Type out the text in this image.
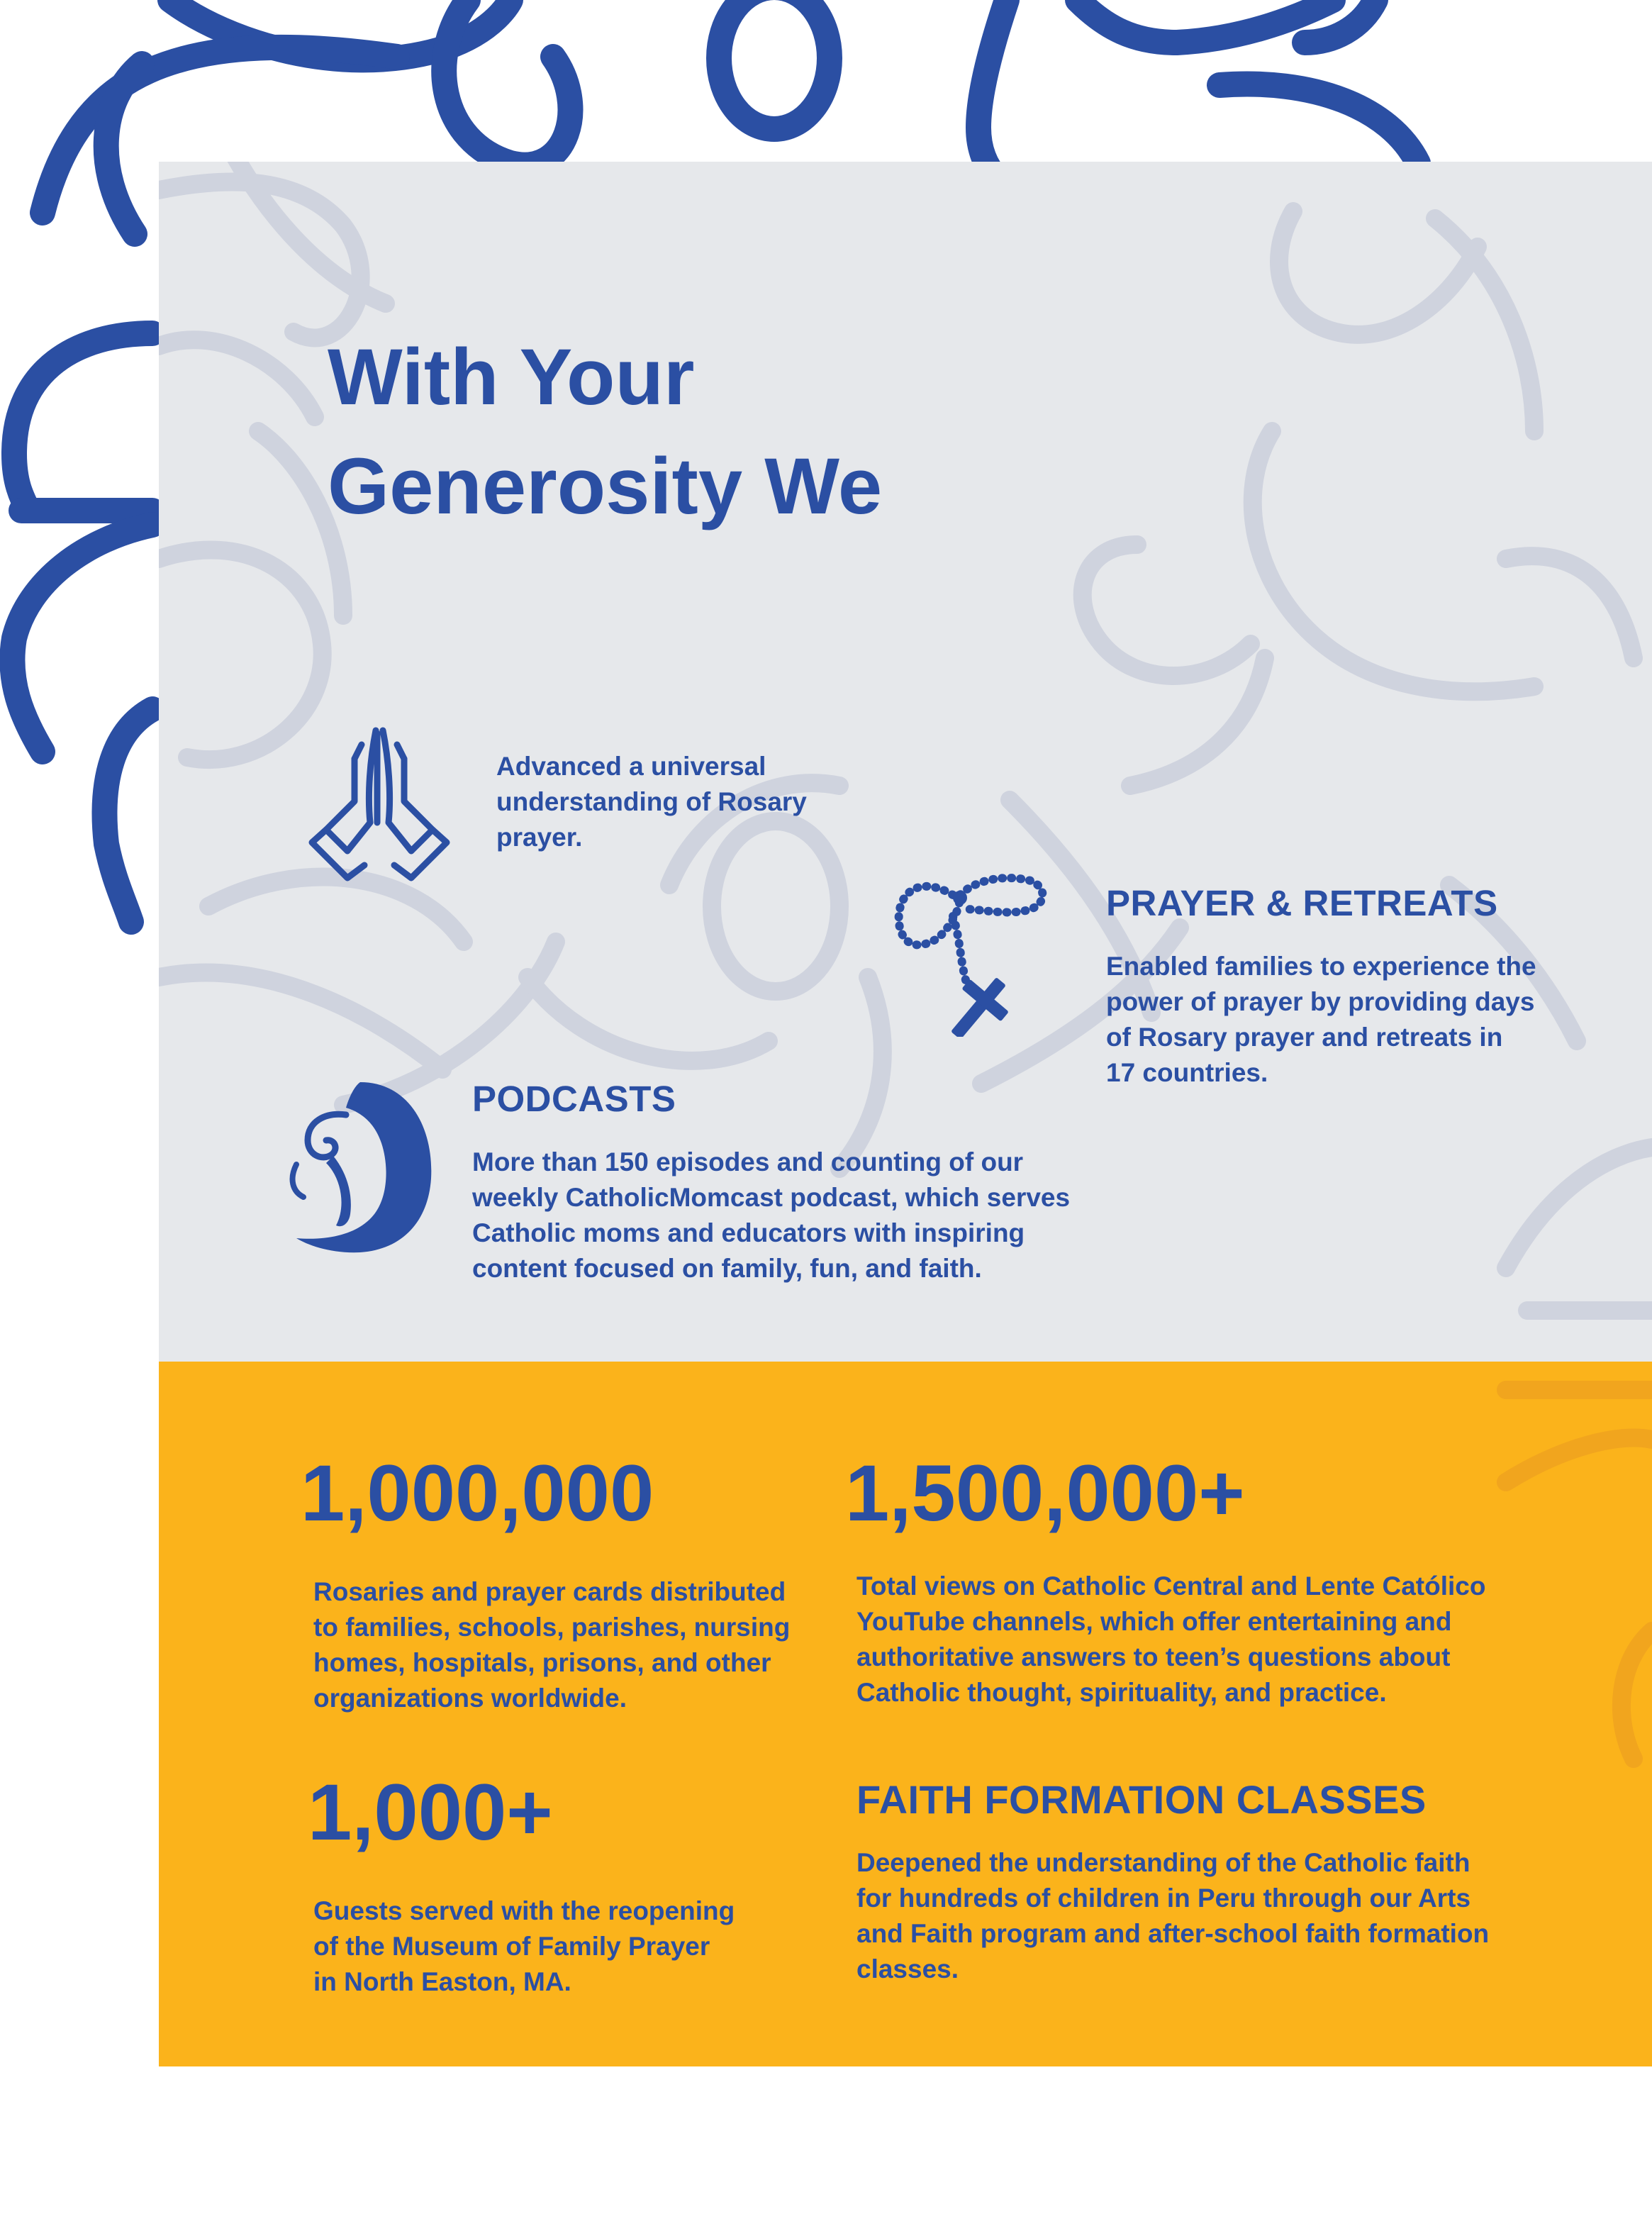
With Your
Generosity We

Advanced a universal
understanding of Rosary
prayer.

PRAYER & RETREATS

Enabled families to experience the
power of prayer by providing days
of Rosary prayer and retreats in
17 countries.

PODCASTS

More than 150 episodes and counting of our
weekly CatholicMomcast podcast, which serves
Catholic moms and educators with inspiring
content focused on family, fun, and faith.

1,000,000

Rosaries and prayer cards distributed
to families, schools, parishes, nursing
homes, hospitals, prisons, and other
organizations worldwide.

1,500,000+

Total views on Catholic Central and Lente Católico
YouTube channels, which offer entertaining and
authoritative answers to teen’s questions about
Catholic thought, spirituality, and practice.

1,000+

Guests served with the reopening
of the Museum of Family Prayer
in North Easton, MA.

FAITH FORMATION CLASSES

Deepened the understanding of the Catholic faith
for hundreds of children in Peru through our Arts
and Faith program and after-school faith formation
classes.
